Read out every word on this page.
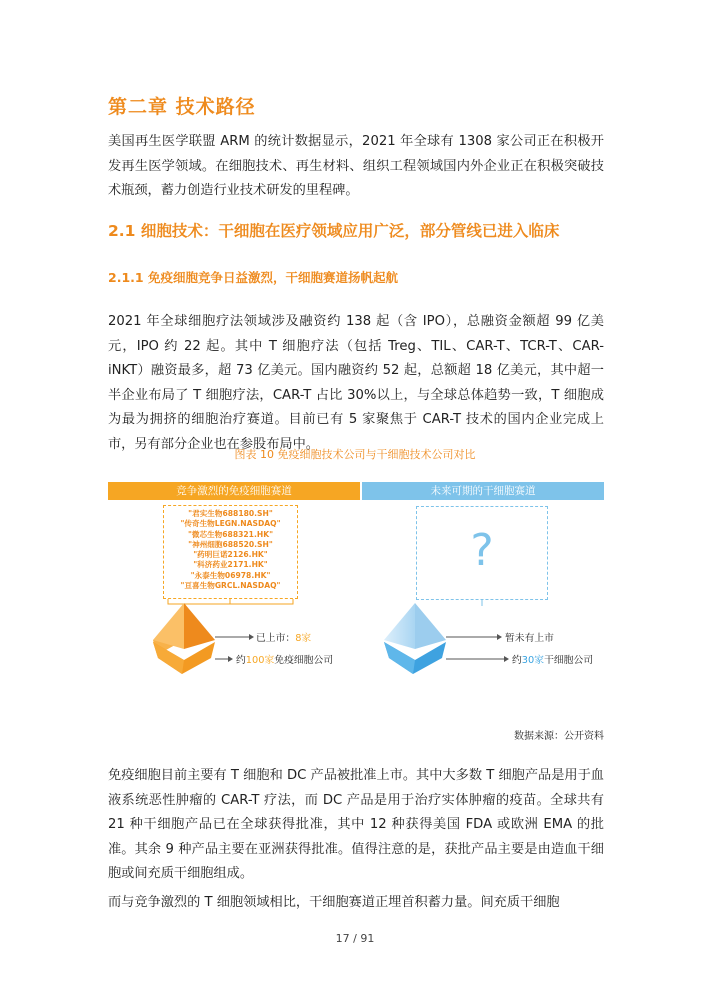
第二章 技术路径

美国再生医学联盟 ARM 的统计数据显示，2021 年全球有 1308 家公司正在积极开发再生医学领域。在细胞技术、再生材料、组织工程领域国内外企业正在积极突破技术瓶颈，蓄力创造行业技术研发的里程碑。

2.1 细胞技术：干细胞在医疗领域应用广泛，部分管线已进入临床
2.1.1 免疫细胞竞争日益激烈，干细胞赛道扬帆起航

2021 年全球细胞疗法领域涉及融资约 138 起（含 IPO），总融资金额超 99 亿美元，IPO 约 22 起。其中 T 细胞疗法（包括 Treg、TIL、CAR-T、TCR-T、CAR-iNKT）融资最多，超 73 亿美元。国内融资约 52 起，总额超 18 亿美元，其中超一半企业布局了 T 细胞疗法，CAR-T 占比 30%以上，与全球总体趋势一致，T 细胞成为最为拥挤的细胞治疗赛道。目前已有 5 家聚焦于 CAR-T 技术的国内企业完成上市，另有部分企业也在参股布局中。

图表 10 免疫细胞技术公司与干细胞技术公司对比
竞争激烈的免疫细胞赛道	未来可期的干细胞赛道
"君实生物688180.SH"
"传奇生物LEGN.NASDAQ"
"微芯生物688321.HK"
"神州细胞688520.SH"
"药明巨诺2126.HK"
"科济药业2171.HK"
"永泰生物06978.HK"
"亘喜生物GRCL.NASDAQ"
?
已上市：8家
约100家免疫细胞公司
暂未有上市
约30家干细胞公司
数据来源：公开资料

免疫细胞目前主要有 T 细胞和 DC 产品被批准上市。其中大多数 T 细胞产品是用于血液系统恶性肿瘤的 CAR-T 疗法，而 DC 产品是用于治疗实体肿瘤的疫苗。全球共有 21 种干细胞产品已在全球获得批准，其中 12 种获得美国 FDA 或欧洲 EMA 的批准。其余 9 种产品主要在亚洲获得批准。值得注意的是，获批产品主要是由造血干细胞或间充质干细胞组成。

而与竞争激烈的 T 细胞领域相比，干细胞赛道正埋首积蓄力量。间充质干细胞

17 / 91
